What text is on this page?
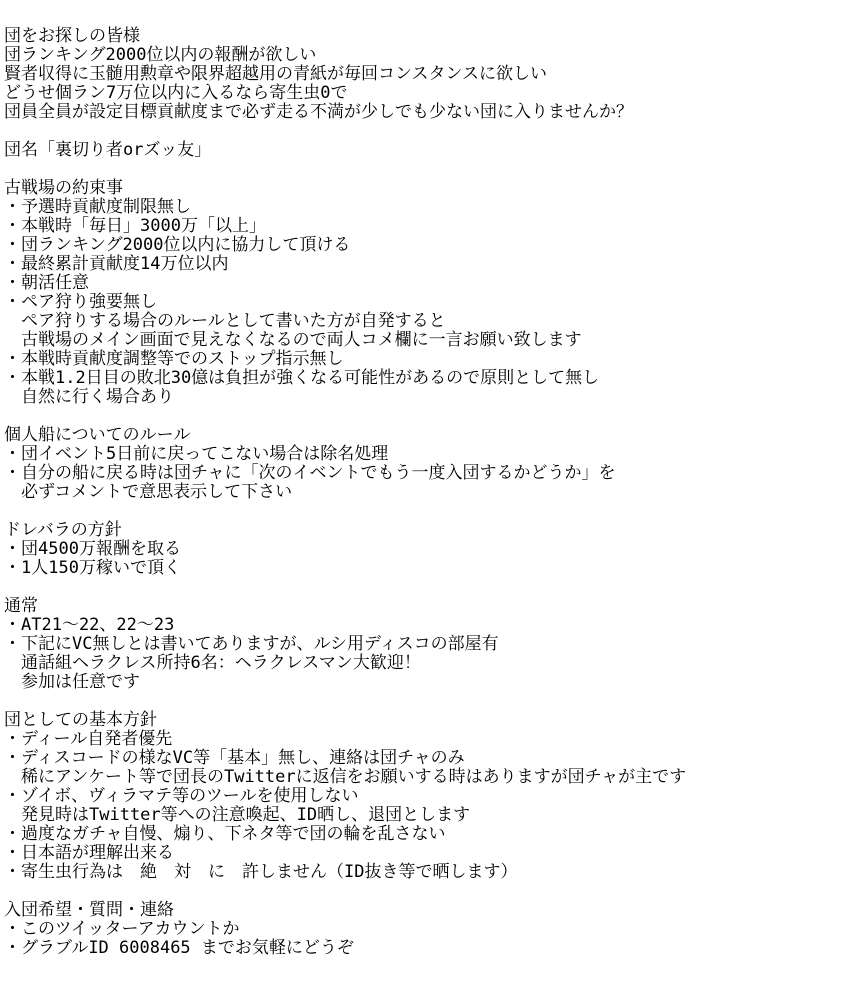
団をお探しの皆様
団ランキング2000位以内の報酬が欲しい
賢者収得に玉髄用勲章や限界超越用の青紙が毎回コンスタンスに欲しい
どうせ個ラン7万位以内に入るなら寄生虫0で
団員全員が設定目標貢献度まで必ず走る不満が少しでも少ない団に入りませんか？
団名「裏切り者orズッ友」
古戦場の約束事
・予選時貢献度制限無し
・本戦時「毎日」3000万「以上」
・団ランキング2000位以内に協力して頂ける
・最終累計貢献度14万位以内
・朝活任意
・ペア狩り強要無し
　ペア狩りする場合のルールとして書いた方が自発すると
　古戦場のメイン画面で見えなくなるので両人コメ欄に一言お願い致します
・本戦時貢献度調整等でのストップ指示無し
・本戦1.2日目の敗北30億は負担が強くなる可能性があるので原則として無し
　自然に行く場合あり
個人船についてのルール
・団イベント5日前に戻ってこない場合は除名処理
・自分の船に戻る時は団チャに「次のイベントでもう一度入団するかどうか」を
　必ずコメントで意思表示して下さい
ドレバラの方針
・団4500万報酬を取る
・1人150万稼いで頂く
通常
・AT21～22、22～23
・下記にVC無しとは書いてありますが、ルシ用ディスコの部屋有
　通話組ヘラクレス所持6名：ヘラクレスマン大歓迎！
　参加は任意です
団としての基本方針
・ディール自発者優先
・ディスコードの様なVC等「基本」無し、連絡は団チャのみ
　稀にアンケート等で団長のTwitterに返信をお願いする時はありますが団チャが主です
・ゾイボ、ヴィラマテ等のツールを使用しない
　発見時はTwitter等への注意喚起、ID晒し、退団とします
・過度なガチャ自慢、煽り、下ネタ等で団の輪を乱さない
・日本語が理解出来る
・寄生虫行為は　絶　対　に　許しません（ID抜き等で晒します）
入団希望・質問・連絡
・このツイッターアカウントか
・グラブルID 6008465 までお気軽にどうぞ
